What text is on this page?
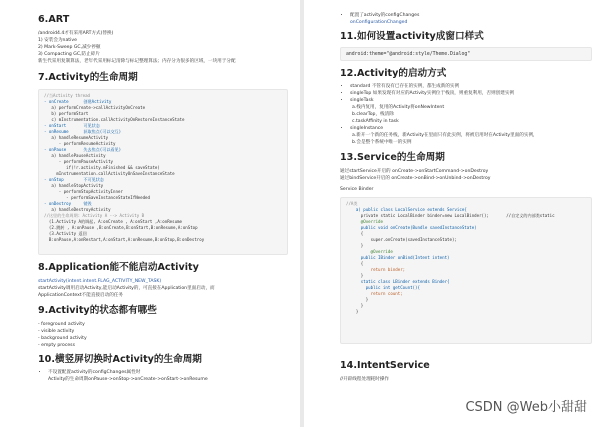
6.ART
/android4.4才有采用ART方式(替换)
1) 安装会为native
2) Mark-Sweep GC,减少停顿
3) Compacting GC,防止碎片
新生代采用复制算法，老年代采用标记清除与标记整理算法；内存分为很多的区域，一块用于分配
7.Activity的生命周期
//当Activity thread
- onCreate      创建Activity
a) performCreate->callActivityOnCreate
b) performStart
c) mInstrumentation.callActivityOnRestoreInstanceState
- onStart       可见状态
- onResume      获取焦点(可以交互)
a) handleResumeActivity
- performResumeActivity
- onPause       失去焦点(可以看见)
a) handlePauseActivity
- performPauseActivity
if(!r.activity.mFinished && saveState)
mInstrumentation.callActivityOnSaveInstanceState
- onStop        不可见状态
a) handleStopActivity
- performStopActivityInner
- performSaveInstanceStateIfNeeded
- onDestroy     销毁
a) handleDestroyActivity
//这里的生命周期: Activity A --> Activity B
(1.Activity A的调起, A:onCreate , A:onStart ,A:onResume
(2.跳转 , A:onPause ,B:onCreate,B:onStart,B:onResume,A:onStop
(3.Activity 返回
B:onPause,A:onRestart,A:onStart,A:onResume,B:onStop,B:onDestroy
8.Application能不能启动Activity
startActivity(intent.intent.FLAG_ACTIVITY_NEW_TASK)
startActivity调用启动Activity,能启动Activity的，可直接在Application里面启动，而
ApplicationContext不能直接启动的任务
9.Activity的状态都有哪些
- foreground activity
- visible activity
- background activity
- empty process
10.横竖屏切换时Activity的生命周期
• 不设置配置activity的configChanges属性时
Activity的生命周期onPause->onStop->onCreate->onStart->onResume
• 配置了activity的configChanges
onConfigurationChanged
11.如何设置activity成窗口样式
android:theme="@android:style/Theme.Dialog"
12.Activity的启动方式
• standard 不管有没有已存在的实例，都生成新的实例
• singleTop 如果发现有对应的Activity实例位于栈顶，则重复利用，否则创建实例
• singleTask
a.栈内复用，复用的Activity将onNewIntent
b.clearTop，栈清除
c.taskAffinity in task
• singleInstance
a.新开一个新的任务栈，新Activity在里面只有此实例，将被启用时在Activity里面的实例，
b.会是整个系统中唯一的实例
13.Service的生命周期
通过startService开启的 onCreate->onStartCommand->onDestroy
通过bindService开启的 onCreate->onBind->onUnbind->onDestroy
Service Binder
//A类
a) public class LocalService extends Service{
private static LocalBinder binder=new LocalBinder();       //自定义的内部类static
@Override
public void onCreate(Bundle savedInstanceState)
{
super.onCreate(savedInstanceState);
}
@Override
public IBinder onBind(Intent intent)
{
return binder;
}
static class LBinder extends Binder{
public int getCount(){
return count;
}
}
}
14.IntentService
//开辟线程处理耗时操作
CSDN @Web小甜甜
